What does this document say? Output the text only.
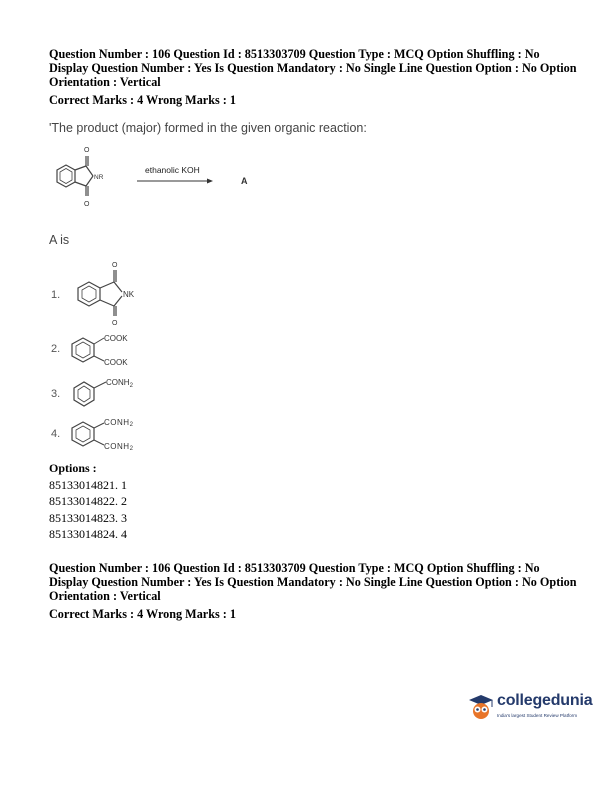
Question Number : 106 Question Id : 8513303709 Question Type : MCQ Option Shuffling : No
Display Question Number : Yes Is Question Mandatory : No Single Line Question Option : No Option
Orientation : Vertical
Correct Marks : 4 Wrong Marks : 1
'The product (major) formed in the given organic reaction:
O
O
NR
ethanolic KOH
A
A is
1.
O
NK
O
2.
COOK
COOK
3.
$CONH_2$
4.
CONH2
CONH2
Options :
85133014821. 1
85133014822. 2
85133014823. 3
85133014824. 4
Question Number : 106 Question Id : 8513303709 Question Type : MCQ Option Shuffling : No
Display Question Number : Yes Is Question Mandatory : No Single Line Question Option : No Option
Orientation : Vertical
Correct Marks : 4 Wrong Marks : 1
collegedunia
India's largest Student Review Platform
